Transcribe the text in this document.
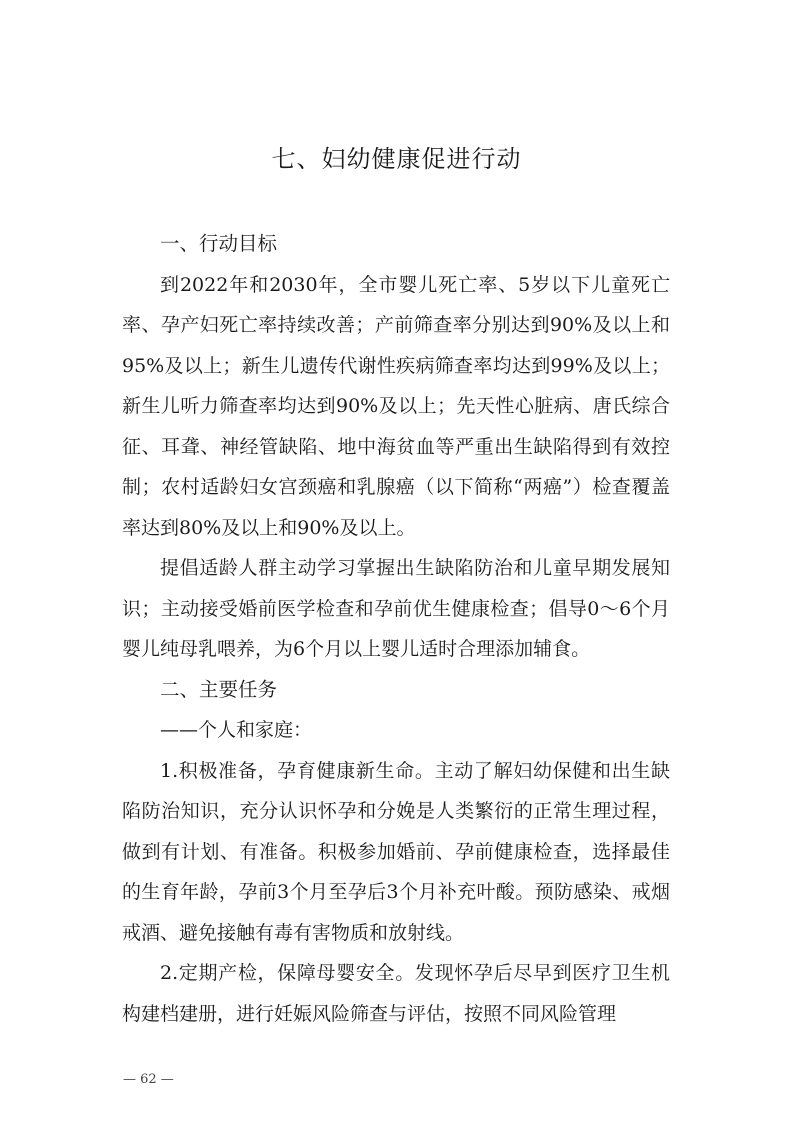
七、妇幼健康促进行动

一、行动目标

到2022年和2030年，全市婴儿死亡率、5岁以下儿童死亡率、孕产妇死亡率持续改善；产前筛查率分别达到90%及以上和95%及以上；新生儿遗传代谢性疾病筛查率均达到99%及以上；新生儿听力筛查率均达到90%及以上；先天性心脏病、唐氏综合征、耳聋、神经管缺陷、地中海贫血等严重出生缺陷得到有效控制；农村适龄妇女宫颈癌和乳腺癌（以下简称“两癌”）检查覆盖率达到80%及以上和90%及以上。

提倡适龄人群主动学习掌握出生缺陷防治和儿童早期发展知识；主动接受婚前医学检查和孕前优生健康检查；倡导0～6个月婴儿纯母乳喂养，为6个月以上婴儿适时合理添加辅食。

二、主要任务

——个人和家庭：

1.积极准备，孕育健康新生命。主动了解妇幼保健和出生缺陷防治知识，充分认识怀孕和分娩是人类繁衍的正常生理过程，做到有计划、有准备。积极参加婚前、孕前健康检查，选择最佳的生育年龄，孕前3个月至孕后3个月补充叶酸。预防感染、戒烟戒酒、避免接触有毒有害物质和放射线。

2.定期产检，保障母婴安全。发现怀孕后尽早到医疗卫生机构建档建册，进行妊娠风险筛查与评估，按照不同风险管理

— 62 —
